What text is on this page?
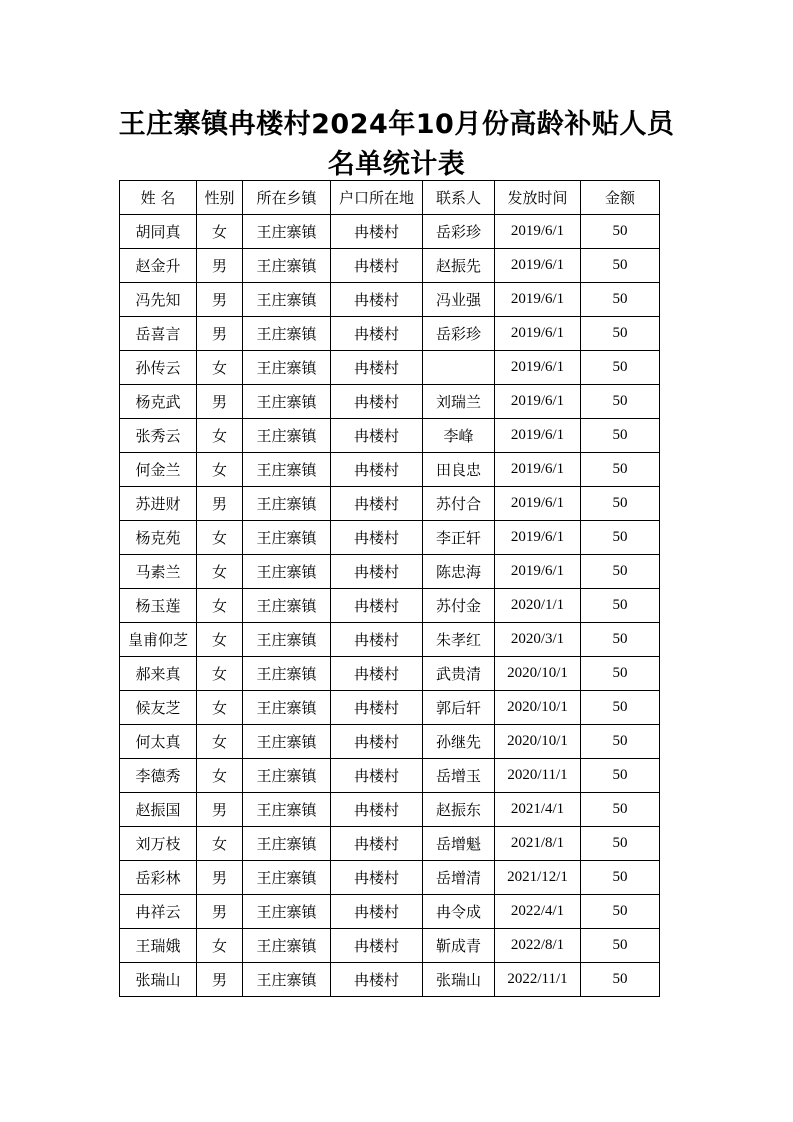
王庄寨镇冉楼村2024年10月份高龄补贴人员
名单统计表
姓 名	性别	所在乡镇	户口所在地	联系人	发放时间	金额
胡同真	女	王庄寨镇	冉楼村	岳彩珍	2019/6/1	50
赵金升	男	王庄寨镇	冉楼村	赵振先	2019/6/1	50
冯先知	男	王庄寨镇	冉楼村	冯业强	2019/6/1	50
岳喜言	男	王庄寨镇	冉楼村	岳彩珍	2019/6/1	50
孙传云	女	王庄寨镇	冉楼村		2019/6/1	50
杨克武	男	王庄寨镇	冉楼村	刘瑞兰	2019/6/1	50
张秀云	女	王庄寨镇	冉楼村	李峰	2019/6/1	50
何金兰	女	王庄寨镇	冉楼村	田良忠	2019/6/1	50
苏进财	男	王庄寨镇	冉楼村	苏付合	2019/6/1	50
杨克苑	女	王庄寨镇	冉楼村	李正轩	2019/6/1	50
马素兰	女	王庄寨镇	冉楼村	陈忠海	2019/6/1	50
杨玉莲	女	王庄寨镇	冉楼村	苏付金	2020/1/1	50
皇甫仰芝	女	王庄寨镇	冉楼村	朱孝红	2020/3/1	50
郝来真	女	王庄寨镇	冉楼村	武贵清	2020/10/1	50
候友芝	女	王庄寨镇	冉楼村	郭后轩	2020/10/1	50
何太真	女	王庄寨镇	冉楼村	孙继先	2020/10/1	50
李德秀	女	王庄寨镇	冉楼村	岳增玉	2020/11/1	50
赵振国	男	王庄寨镇	冉楼村	赵振东	2021/4/1	50
刘万枝	女	王庄寨镇	冉楼村	岳增魁	2021/8/1	50
岳彩林	男	王庄寨镇	冉楼村	岳增清	2021/12/1	50
冉祥云	男	王庄寨镇	冉楼村	冉令成	2022/4/1	50
王瑞娥	女	王庄寨镇	冉楼村	靳成青	2022/8/1	50
张瑞山	男	王庄寨镇	冉楼村	张瑞山	2022/11/1	50
